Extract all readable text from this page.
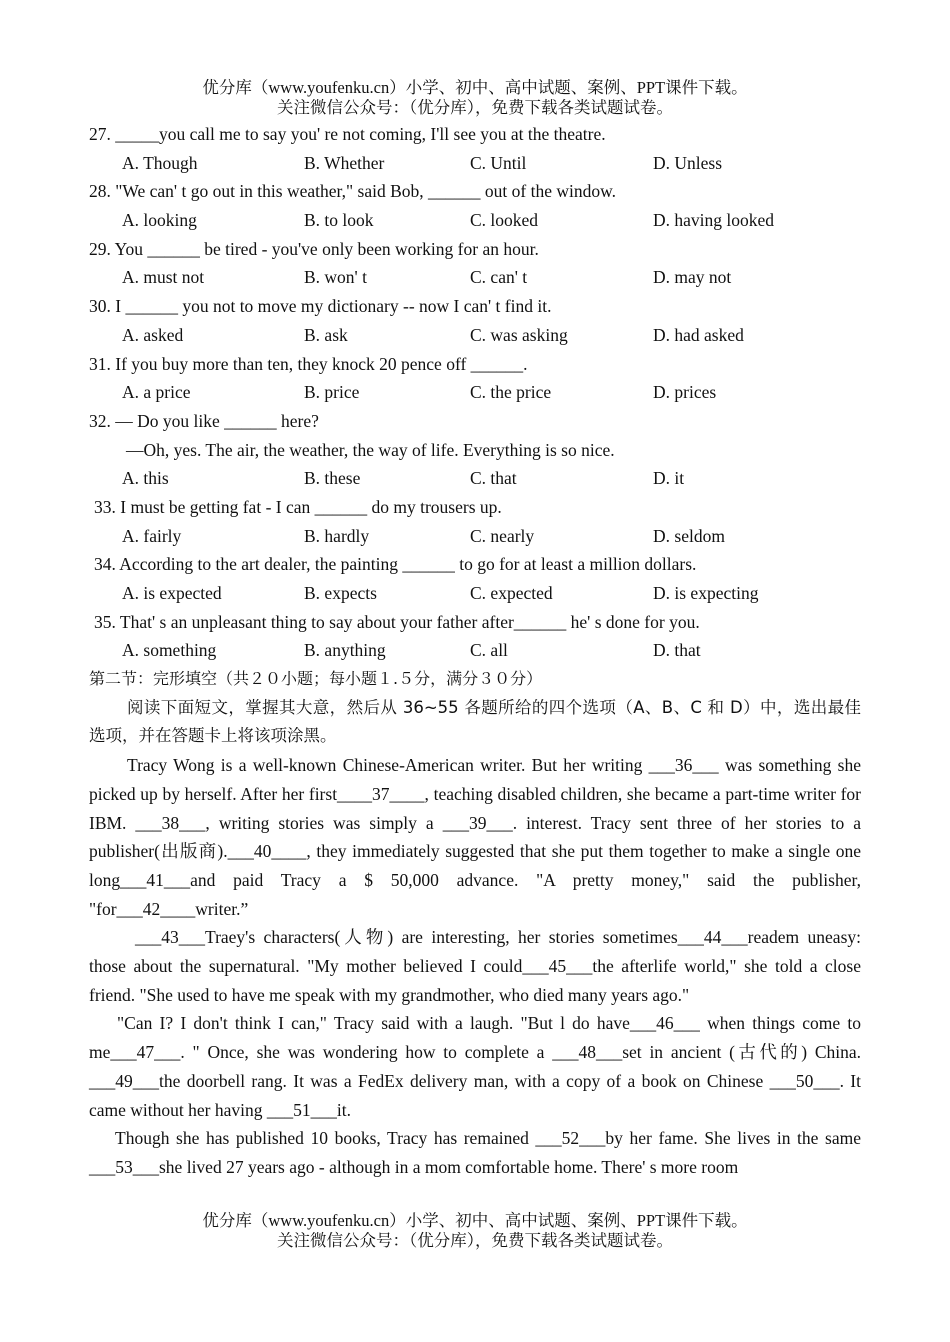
优分库（www.youfenku.cn）小学、初中、高中试题、案例、PPT课件下载。
关注微信公众号：（优分库），免费下载各类试题试卷。
27. _____you call me to say you' re not coming, I'll see you at the theatre.
A. Though	B. Whether	C. Until	D. Unless
28. "We can' t go out in this weather," said Bob, ______ out of the window.
A. looking	B. to look	C. looked	D. having looked
29. You ______ be tired - you've only been working for an hour.
A. must not	B. won' t	C. can' t	D. may not
30. I ______ you not to move my dictionary -- now I can' t find it.
A. asked	B. ask	C. was asking	D. had asked
31. If you buy more than ten, they knock 20 pence off ______.
A. a price	B. price	C. the price	D. prices
32. — Do you like ______ here?
—Oh, yes. The air, the weather, the way of life. Everything is so nice.
A. this	B. these	C. that	D. it
33. I must be getting fat - I can ______ do my trousers up.
A. fairly	B. hardly	C. nearly	D. seldom
34. According to the art dealer, the painting ______ to go for at least a million dollars.
A. is expected	B. expects	C. expected	D. is expecting
35. That' s an unpleasant thing to say about your father after______ he' s done for you.
A. something	B. anything	C. all	D. that
第二节：完形填空（共２０小题；每小题１.５分，满分３０分）

阅读下面短文，掌握其大意，然后从 36~55 各题所给的四个选项（A、B、C 和 D）中，选出最佳选项，并在答题卡上将该项涂黑。

Tracy Wong is a well-known Chinese-American writer. But her writing ___36___ was something she picked up by herself. After her first____37____, teaching disabled children, she became a part-time writer for IBM. ___38___, writing stories was simply a ___39___. interest. Tracy sent three of her stories to a publisher(出版商).___40____, they immediately suggested that she put them together to make a single one long___41___and paid Tracy a $ 50,000 advance. "A pretty money," said the publisher, "for___42____writer.”

___43___Traey's characters(人物) are interesting, her stories sometimes___44___readem uneasy: those about the supernatural. "My mother believed I could___45___the afterlife world," she told a close friend. "She used to have me speak with my grandmother, who died many years ago."

"Can I? I don't think I can," Tracy said with a laugh. "But l do have___46___ when things come to me___47___. " Once, she was wondering how to complete a ___48___set in ancient (古代的) China. ___49___the doorbell rang. It was a FedEx delivery man, with a copy of a book on Chinese ___50___. It came without her having ___51___it.

Though she has published 10 books, Tracy has remained ___52___by her fame. She lives in the same ___53___she lived 27 years ago - although in a mom comfortable home. There' s more room

优分库（www.youfenku.cn）小学、初中、高中试题、案例、PPT课件下载。
关注微信公众号：（优分库），免费下载各类试题试卷。
